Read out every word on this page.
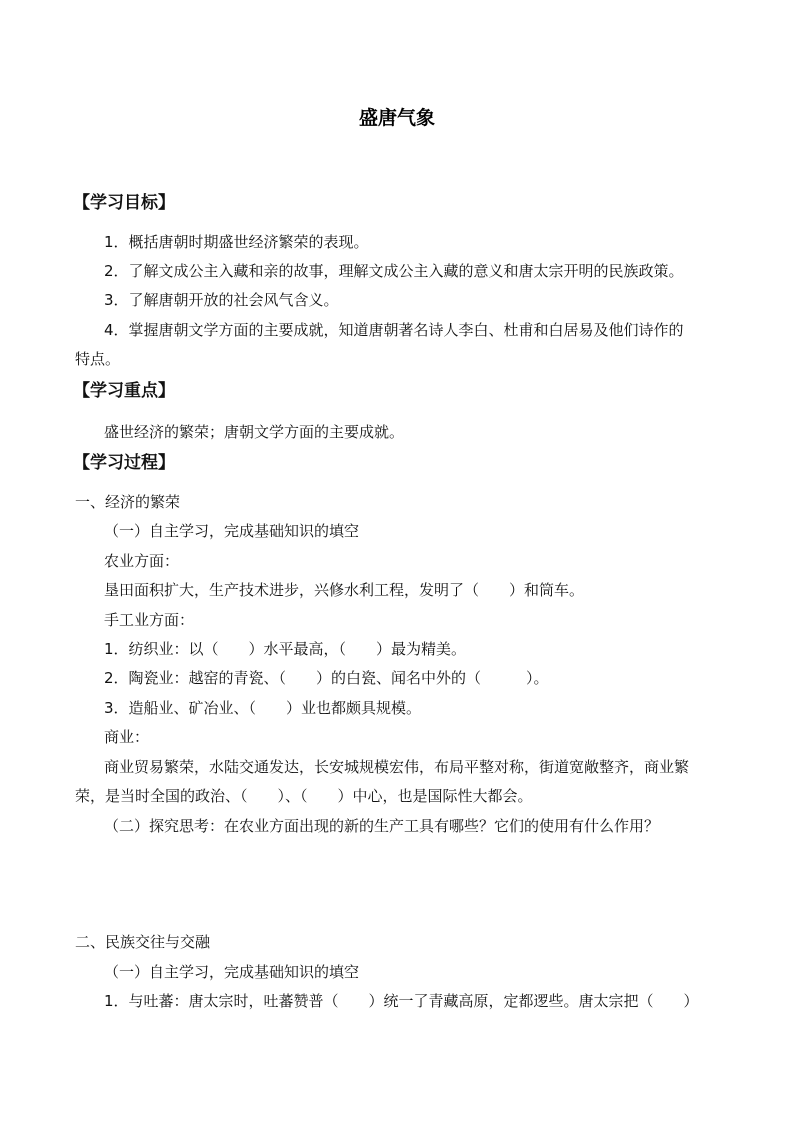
盛唐气象
【学习目标】
1．概括唐朝时期盛世经济繁荣的表现。
2．了解文成公主入藏和亲的故事，理解文成公主入藏的意义和唐太宗开明的民族政策。
3．了解唐朝开放的社会风气含义。
4．掌握唐朝文学方面的主要成就，知道唐朝著名诗人李白、杜甫和白居易及他们诗作的
特点。
【学习重点】
盛世经济的繁荣；唐朝文学方面的主要成就。
【学习过程】
一、经济的繁荣
（一）自主学习，完成基础知识的填空
农业方面：
垦田面积扩大，生产技术进步，兴修水利工程，发明了（　　）和筒车。
手工业方面：
1．纺织业：以（　　）水平最高，（　　）最为精美。
2．陶瓷业：越窑的青瓷、（　　）的白瓷、闻名中外的（　　　）。
3．造船业、矿冶业、（　　）业也都颇具规模。
商业：
商业贸易繁荣，水陆交通发达，长安城规模宏伟，布局平整对称，街道宽敞整齐，商业繁
荣，是当时全国的政治、（　　）、（　　）中心，也是国际性大都会。
（二）探究思考：在农业方面出现的新的生产工具有哪些？它们的使用有什么作用？
二、民族交往与交融
（一）自主学习，完成基础知识的填空
1．与吐蕃：唐太宗时，吐蕃赞普（　　）统一了青藏高原，定都逻些。唐太宗把（　　）
